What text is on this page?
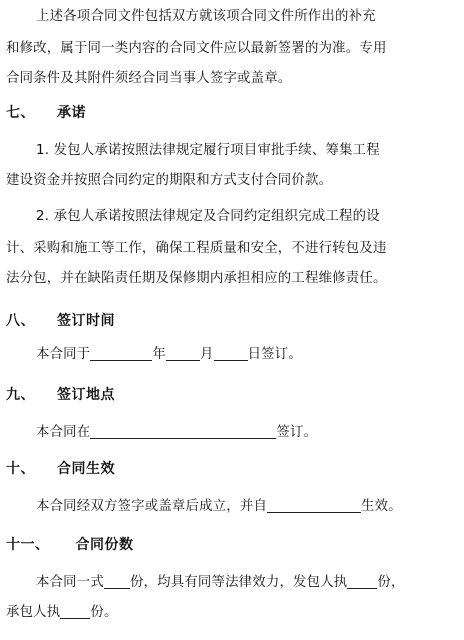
上述各项合同文件包括双方就该项合同文件所作出的补充
和修改，属于同一类内容的合同文件应以最新签署的为准。专用
合同条件及其附件须经合同当事人签字或盖章。
七、 承诺
1. 发包人承诺按照法律规定履行项目审批手续、筹集工程
建设资金并按照合同约定的期限和方式支付合同价款。
2. 承包人承诺按照法律规定及合同约定组织完成工程的设
计、采购和施工等工作，确保工程质量和安全，不进行转包及违
法分包，并在缺陷责任期及保修期内承担相应的工程维修责任。
八、 签订时间
本合同于	年	月	日签订。
九、 签订地点
本合同在	签订。
十、 合同生效
本合同经双方签字或盖章后成立，并自	生效。
十一、 合同份数
本合同一式 份，均具有同等法律效力，发包人执 份，
承包人执 份。
